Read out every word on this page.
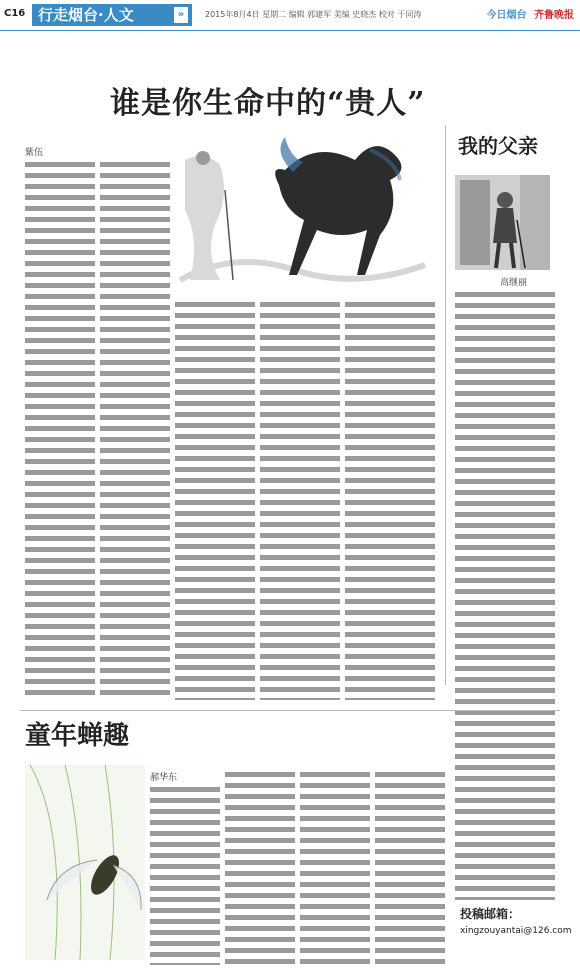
C16 行走烟台·人文	»	2015年8月4日 星期二 编辑 郭建军 美编 史晓杰 校对 于同涛	今日烟台 齐鲁晚报
谁是你生命中的“贵人”
紫伍	我的父亲
高继丽
童年蝉趣
郝华东
投稿邮箱：
xingzouyantai@126.com
